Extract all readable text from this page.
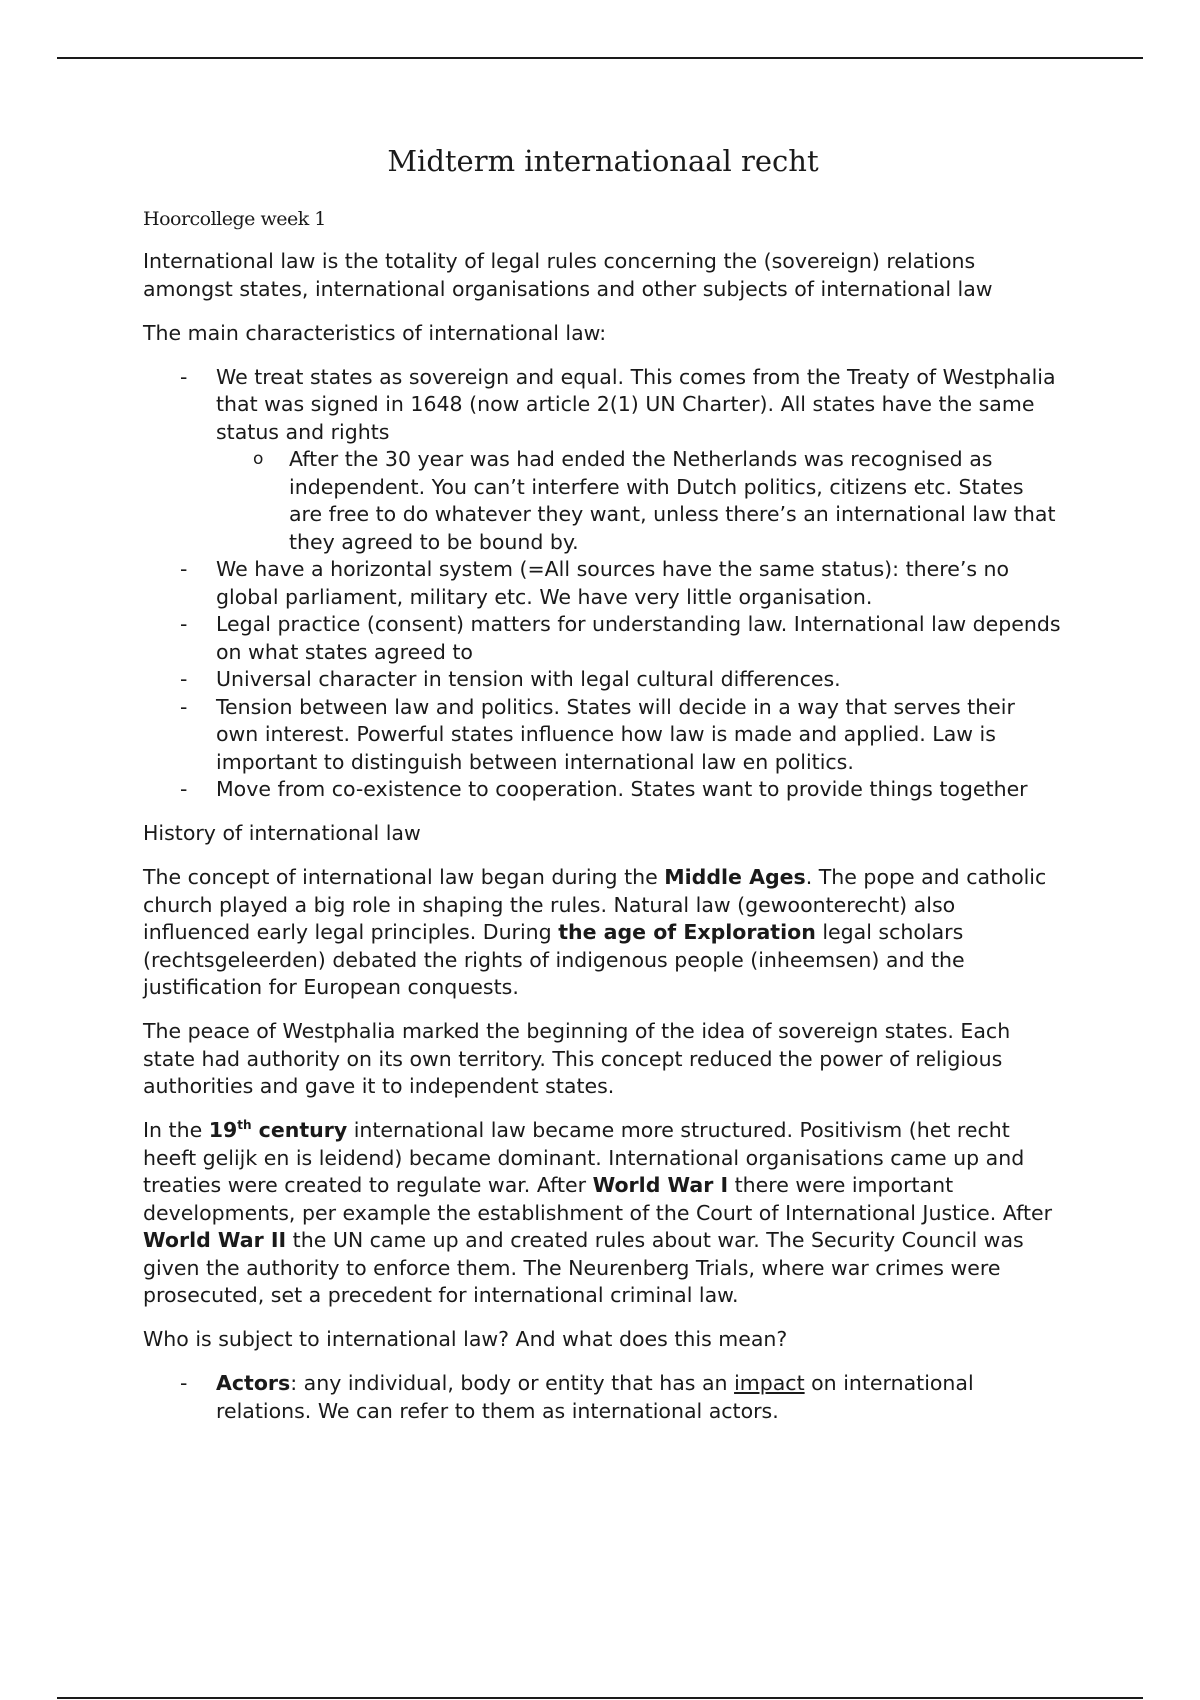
Midterm internationaal recht
Hoorcollege week 1

International law is the totality of legal rules concerning the (sovereign) relations amongst states, international organisations and other subjects of international law

The main characteristics of international law:

- We treat states as sovereign and equal. This comes from the Treaty of Westphalia that was signed in 1648 (now article 2(1) UN Charter). All states have the same status and rights
o After the 30 year was had ended the Netherlands was recognised as independent. You can’t interfere with Dutch politics, citizens etc. States are free to do whatever they want, unless there’s an international law that they agreed to be bound by.
- We have a horizontal system (=All sources have the same status): there’s no global parliament, military etc. We have very little organisation.
- Legal practice (consent) matters for understanding law. International law depends on what states agreed to
- Universal character in tension with legal cultural differences.
- Tension between law and politics. States will decide in a way that serves their own interest. Powerful states influence how law is made and applied. Law is important to distinguish between international law en politics.
- Move from co-existence to cooperation. States want to provide things together

History of international law

The concept of international law began during the Middle Ages. The pope and catholic church played a big role in shaping the rules. Natural law (gewoonterecht) also influenced early legal principles. During the age of Exploration legal scholars (rechtsgeleerden) debated the rights of indigenous people (inheemsen) and the justification for European conquests.

The peace of Westphalia marked the beginning of the idea of sovereign states. Each state had authority on its own territory. This concept reduced the power of religious authorities and gave it to independent states.

In the 19th century international law became more structured. Positivism (het recht heeft gelijk en is leidend) became dominant. International organisations came up and treaties were created to regulate war. After World War I there were important developments, per example the establishment of the Court of International Justice. After World War II the UN came up and created rules about war. The Security Council was given the authority to enforce them. The Neurenberg Trials, where war crimes were prosecuted, set a precedent for international criminal law.

Who is subject to international law? And what does this mean?

- Actors: any individual, body or entity that has an impact on international relations. We can refer to them as international actors.
